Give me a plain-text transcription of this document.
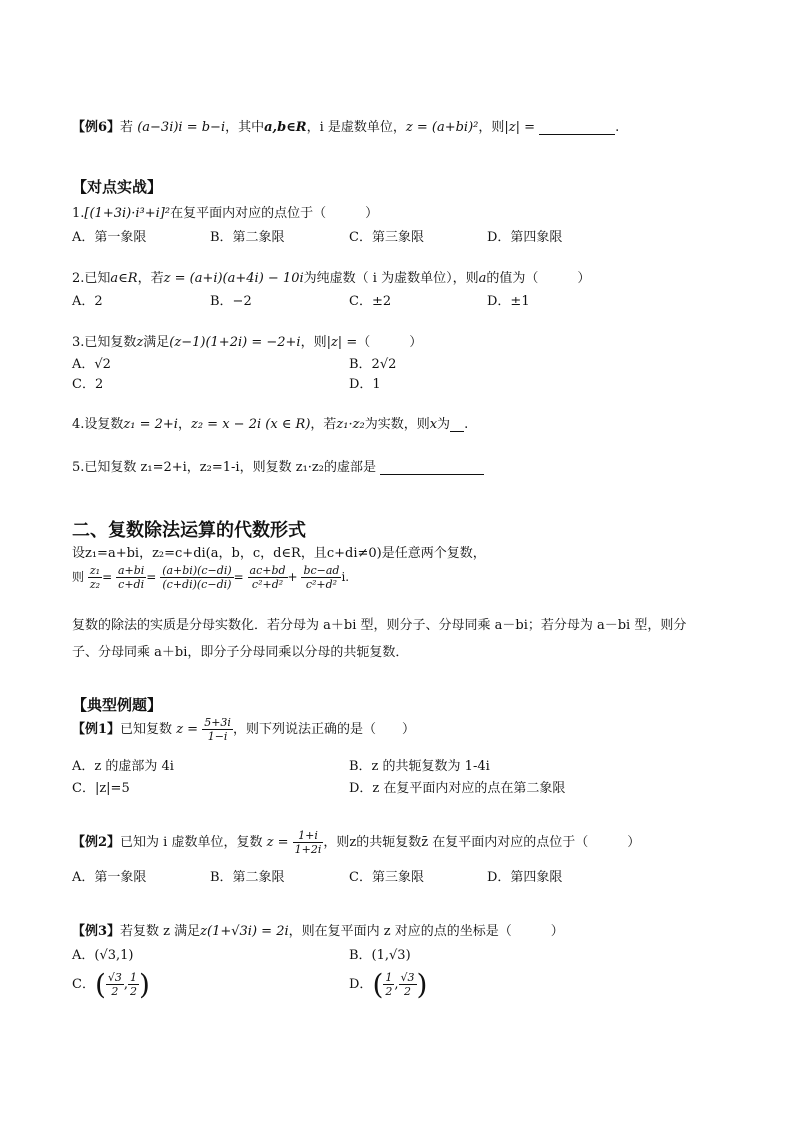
【例6】若 (a−3i)i = b−i，其中a,b∈R，i 是虚数单位，z = (a+bi)²，则|z| =	.
【对点实战】
1.[(1+3i)·i³+i]²在复平面内对应的点位于（　　　）
A．第一象限	B．第二象限	C．第三象限	D．第四象限
2.已知a∈R，若z = (a+i)(a+4i) − 10i为纯虚数（ i 为虚数单位），则a的值为（　　　）
A．2	B．−2	C．±2	D．±1
3.已知复数z满足(z−1)(1+2i) = −2+i，则|z| =（　　　）
A．√2	B．2√2
C．2	D．1
4.设复数z₁ = 2+i，z₂ = x − 2i (x ∈ R)，若z₁·z₂为实数，则x为 .
5.已知复数 z₁=2+i，z₂=1-i，则复数 z₁·z₂的虚部是
二、复数除法运算的代数形式
设z₁=a+bi，z₂=c+di(a，b，c，d∈R，且c+di≠0)是任意两个复数，
则 $\frac{\text{z₁}}{\text{z₂}} = \frac{a+bi}{c+di} = \frac{(a+bi)(c-di)}{(c+di)(c-di)} = \frac{ac+bd}{\text{c²+d²}} + \frac{bc-ad}{\text{c²+d²}} i$.
复数的除法的实质是分母实数化．若分母为 a＋bi 型，则分子、分母同乘 a－bi；若分母为 a－bi 型，则分
子、分母同乘 a＋bi，即分子分母同乘以分母的共轭复数．
【典型例题】
【例1】已知复数 $z = \frac{5+3i}{1-i}$ ，则下列说法正确的是（　　）
A．z 的虚部为 4i	B．z 的共轭复数为 1-4i
C．|z|=5	D．z 在复平面内对应的点在第二象限
【例2】已知为 i 虚数单位，复数 $z = \frac{1+i}{1+2i}$ ，则z的共轭复数z̄ 在复平面内对应的点位于（　　　）
A．第一象限	B．第二象限	C．第三象限	D．第四象限
【例3】若复数 z 满足z(1+√3i) = 2i，则在复平面内 z 对应的点的坐标是（　　　）
A．(√3,1)	B．(1,√3)
C．( $\frac{√3}{2}$ , $\frac{1}{2}$ )	D．( $\frac{1}{2}$ , $\frac{√3}{2}$ )
